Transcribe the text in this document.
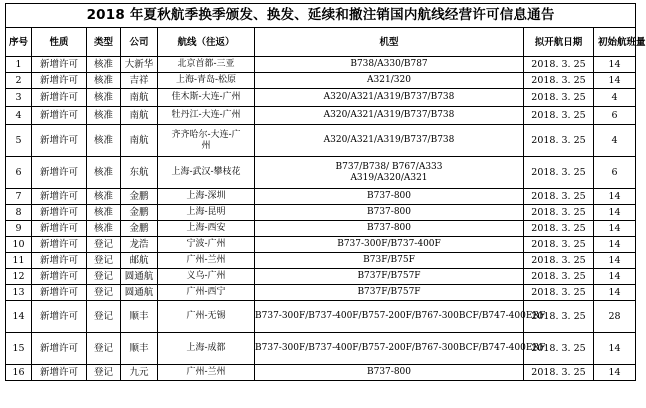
2018 年夏秋航季换季颁发、换发、延续和撤注销国内航线经营许可信息通告							
序号	性质	类型	公司	航线（往返）	机型	拟开航日期	初始航班量
1	新增许可	核准	大新华	北京首都-三亚	B738/A330/B787	2018. 3. 25	14
2	新增许可	核准	吉祥	上海-青岛-松原	A321/320	2018. 3. 25	14
3	新增许可	核准	南航	佳木斯-大连-广州	A320/A321/A319/B737/B738	2018. 3. 25	4
4	新增许可	核准	南航	牡丹江-大连-广州	A320/A321/A319/B737/B738	2018. 3. 25	6
5	新增许可	核准	南航	齐齐哈尔-大连-广
州	A320/A321/A319/B737/B738	2018. 3. 25	4
6	新增许可	核准	东航	上海-武汉-攀枝花	B737/B738/ B767/A333
A319/A320/A321	2018. 3. 25	6
7	新增许可	核准	金鹏	上海-深圳	B737-800	2018. 3. 25	14
8	新增许可	核准	金鹏	上海-昆明	B737-800	2018. 3. 25	14
9	新增许可	核准	金鹏	上海-西安	B737-800	2018. 3. 25	14
10	新增许可	登记	龙浩	宁波-广州	B737-300F/B737-400F	2018. 3. 25	14
11	新增许可	登记	邮航	广州-兰州	B73F/B75F	2018. 3. 25	14
12	新增许可	登记	圆通航	义乌-广州	B737F/B757F	2018. 3. 25	14
13	新增许可	登记	圆通航	广州-西宁	B737F/B757F	2018. 3. 25	14
14	新增许可	登记	顺丰	广州-无锡	B737-300F/B737-400F/B757-200F/B767-300BCF/B747-400ERF	2018. 3. 25	28
15	新增许可	登记	顺丰	上海-成都	B737-300F/B737-400F/B757-200F/B767-300BCF/B747-400ERF	2018. 3. 25	14
16	新增许可	登记	九元	广州-兰州	B737-800	2018. 3. 25	14
